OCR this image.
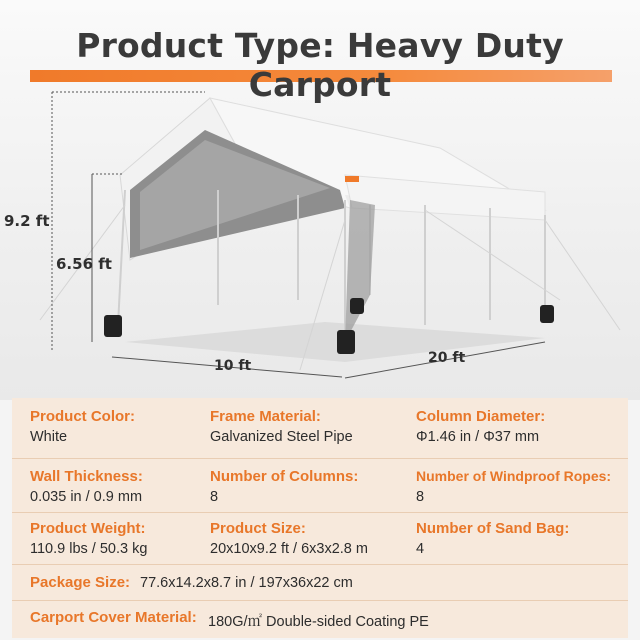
Product Type: Heavy Duty Carport
9.2 ft
6.56 ft
10 ft	20 ft
Product Color:
White
Frame Material:
Galvanized Steel Pipe
Column Diameter:
Φ1.46 in / Φ37 mm
Wall Thickness:
0.035 in / 0.9 mm
Number of Columns:
8
Number of Windproof Ropes:
8
Product Weight:
110.9 lbs / 50.3 kg
Product Size:
20x10x9.2 ft / 6x3x2.8 m
Number of Sand Bag:
4
Package Size: 77.6x14.2x8.7 in / 197x36x22 cm
Carport Cover Material: 180G/㎡ Double-sided Coating PE
